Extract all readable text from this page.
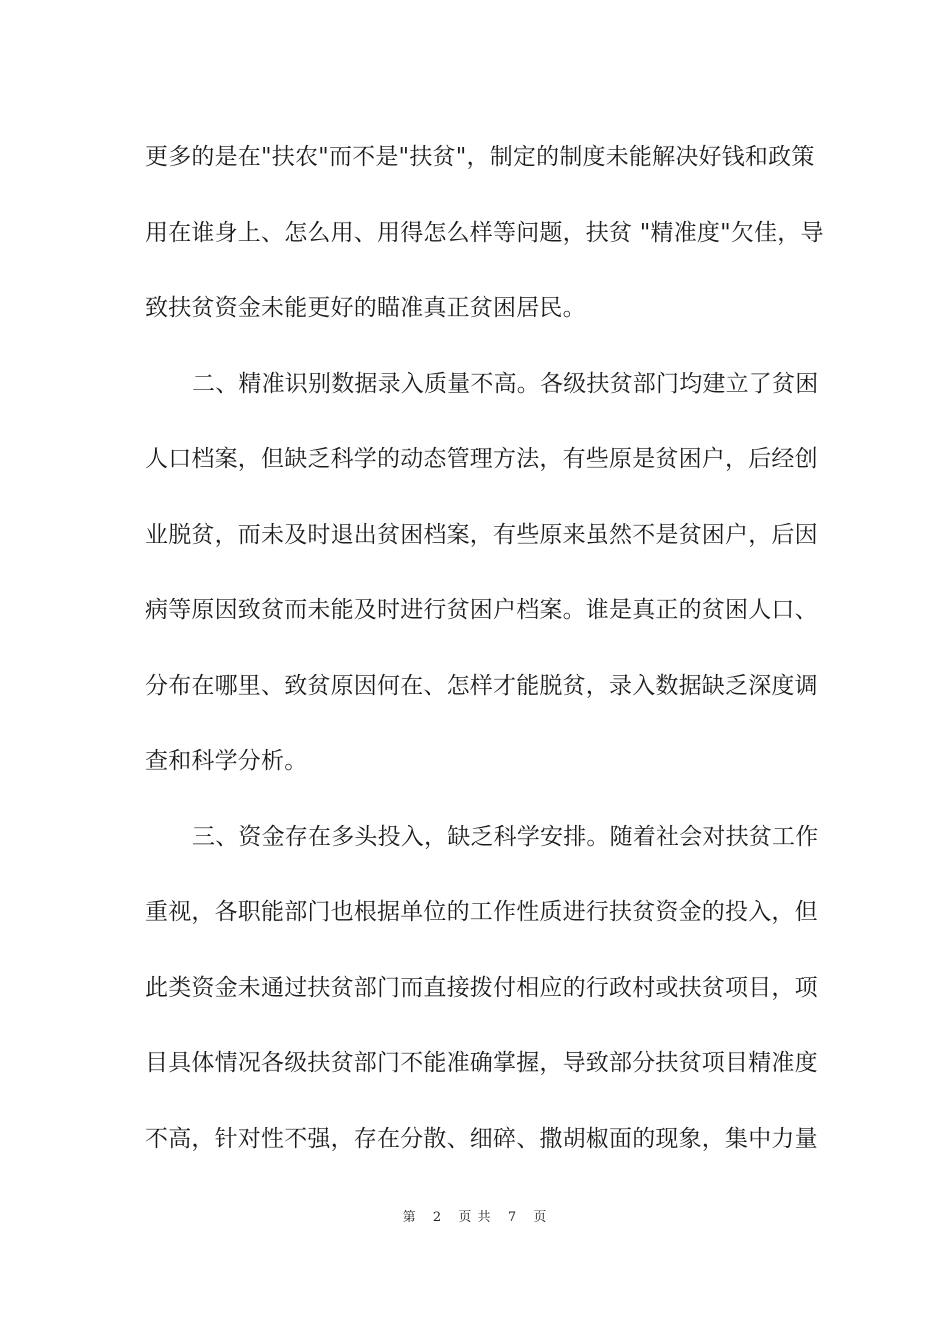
更多的是在"扶农"而不是"扶贫"，制定的制度未能解决好钱和政策
用在谁身上、怎么用、用得怎么样等问题，扶贫 "精准度"欠佳，导
致扶贫资金未能更好的瞄准真正贫困居民。
二、精准识别数据录入质量不高。各级扶贫部门均建立了贫困
人口档案，但缺乏科学的动态管理方法，有些原是贫困户，后经创
业脱贫，而未及时退出贫困档案，有些原来虽然不是贫困户，后因
病等原因致贫而未能及时进行贫困户档案。谁是真正的贫困人口、
分布在哪里、致贫原因何在、怎样才能脱贫，录入数据缺乏深度调
查和科学分析。
三、资金存在多头投入，缺乏科学安排。随着社会对扶贫工作
重视，各职能部门也根据单位的工作性质进行扶贫资金的投入，但
此类资金未通过扶贫部门而直接拨付相应的行政村或扶贫项目，项
目具体情况各级扶贫部门不能准确掌握，导致部分扶贫项目精准度
不高，针对性不强，存在分散、细碎、撒胡椒面的现象，集中力量
第 2 页 共 7 页
